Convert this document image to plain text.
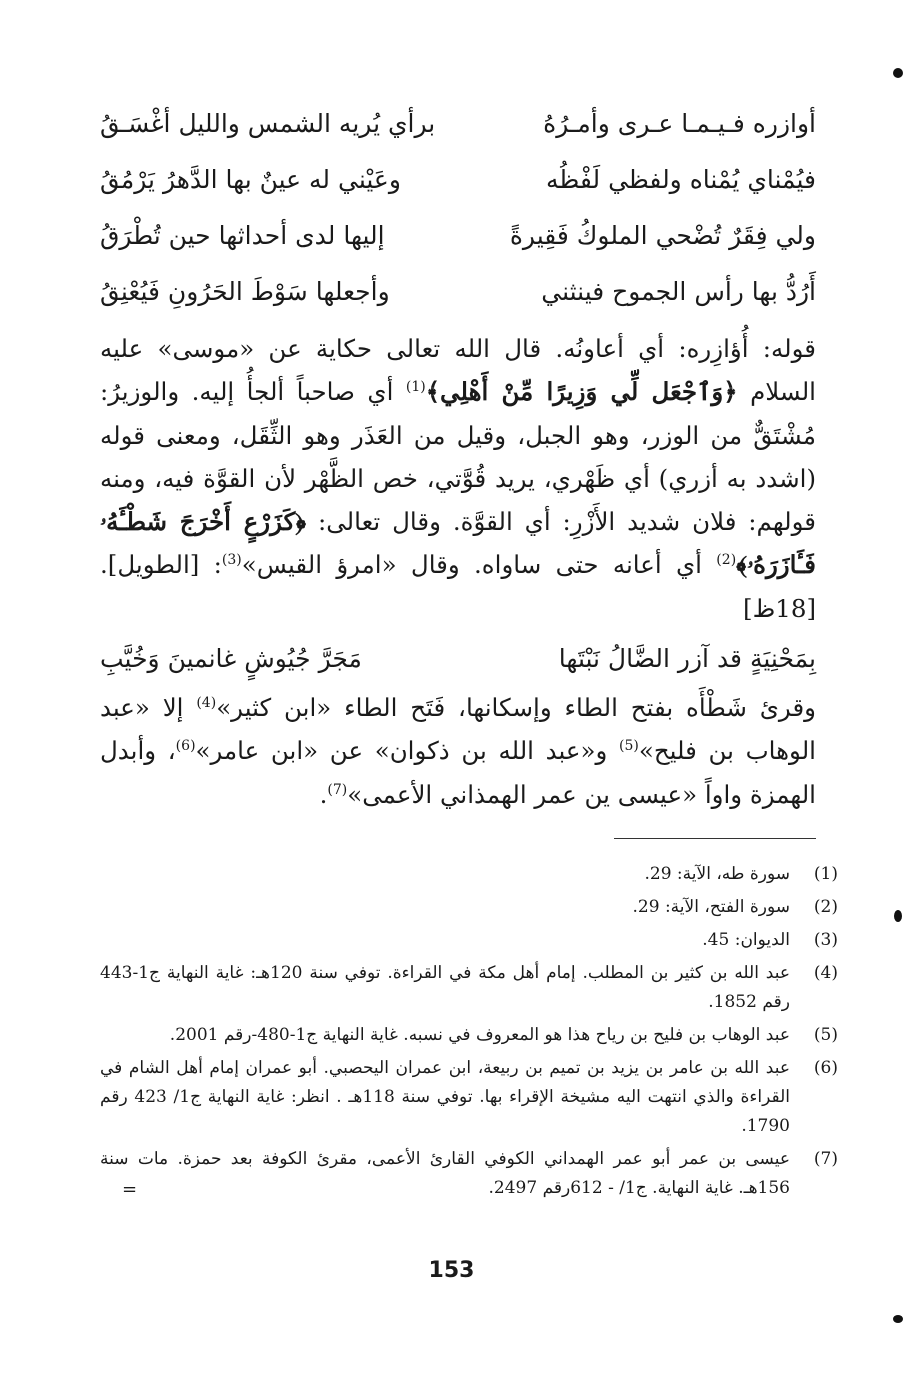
أوازره فـيـمـا عـرى وأمـرُهُ
برأي يُريه الشمس والليل أغْسَـقُ
فيُمْناي يُمْناه ولفظي لَفْظُه
وعَيْني له عينٌ بها الدَّهرُ يَرْمُقُ
ولي فِقَرٌ تُضْحي الملوكُ فَقِيرةً
إليها لدى أحداثها حين تُطْرَقُ
أَرُدُّ بها رأس الجموح فينثني
وأجعلها سَوْطَ الحَرُونِ فَيُعْنِقُ

قوله: أُؤازِره: أي أعاونُه. قال الله تعالى حكاية عن «موسى» عليه السلام ﴿وَٱجْعَل لِّي وَزِيرًا مِّنْ أَهْلِي﴾$^{(1)}$ أي صاحباً ألجأُ إليه. والوزيرُ: مُشْتَقٌّ من الوزر، وهو الجبل، وقيل من العَذَر وهو الثِّقَل، ومعنى قوله (اشدد به أزري) أي ظَهْري، يريد قُوَّتي، خص الظَّهْر لأن القوَّة فيه، ومنه قولهم: فلان شديد الأَزْرِ: أي القوَّة. وقال تعالى: ﴿كَزَرْعٍ أَخْرَجَ شَطْـَٔهُۥ فَـَٔازَرَهُۥ﴾$^{(2)}$ أي أعانه حتى ساواه. وقال «امرؤ القيس»$^{(3)}$: [الطويل]. [18ظ]

بِمَحْنِيَةٍ قد آزر الضَّالُ نَبْتَها
مَجَرَّ جُيُوشٍ غانمينَ وَخُيَّبِ

وقرئ شَطْأَه بفتح الطاء وإسكانها، فَتَح الطاء «ابن كثير»$^{(4)}$ إلا «عبد الوهاب بن فليح»$^{(5)}$ و«عبد الله بن ذكوان» عن «ابن عامر»$^{(6)}$، وأبدل الهمزة واواً «عيسى ين عمر الهمذاني الأعمى»$^{(7)}$.

(1)
سورة طه، الآية: 29.
(2)
سورة الفتح، الآية: 29.
(3)
الديوان: 45.
(4)
عبد الله بن كثير بن المطلب. إمام أهل مكة في القراءة. توفي سنة 120هـ: غاية النهاية ج1-443 رقم 1852.
(5)
عبد الوهاب بن فليح بن رياح هذا هو المعروف في نسبه. غاية النهاية ج1-480-رقم 2001.
(6)
عبد الله بن عامر بن يزيد بن تميم بن ربيعة، ابن عمران اليحصبي. أبو عمران إمام أهل الشام في القراءة والذي انتهت اليه مشيخة الإقراء بها. توفي سنة 118هـ . انظر: غاية النهاية ج1/ 423 رقم 1790.
(7)
عيسى بن عمر أبو عمر الهمداني الكوفي القارئ الأعمى، مقرئ الكوفة بعد حمزة. مات سنة 156هـ. غاية النهاية. ج1/ - 612رقم 2497.
=
153
